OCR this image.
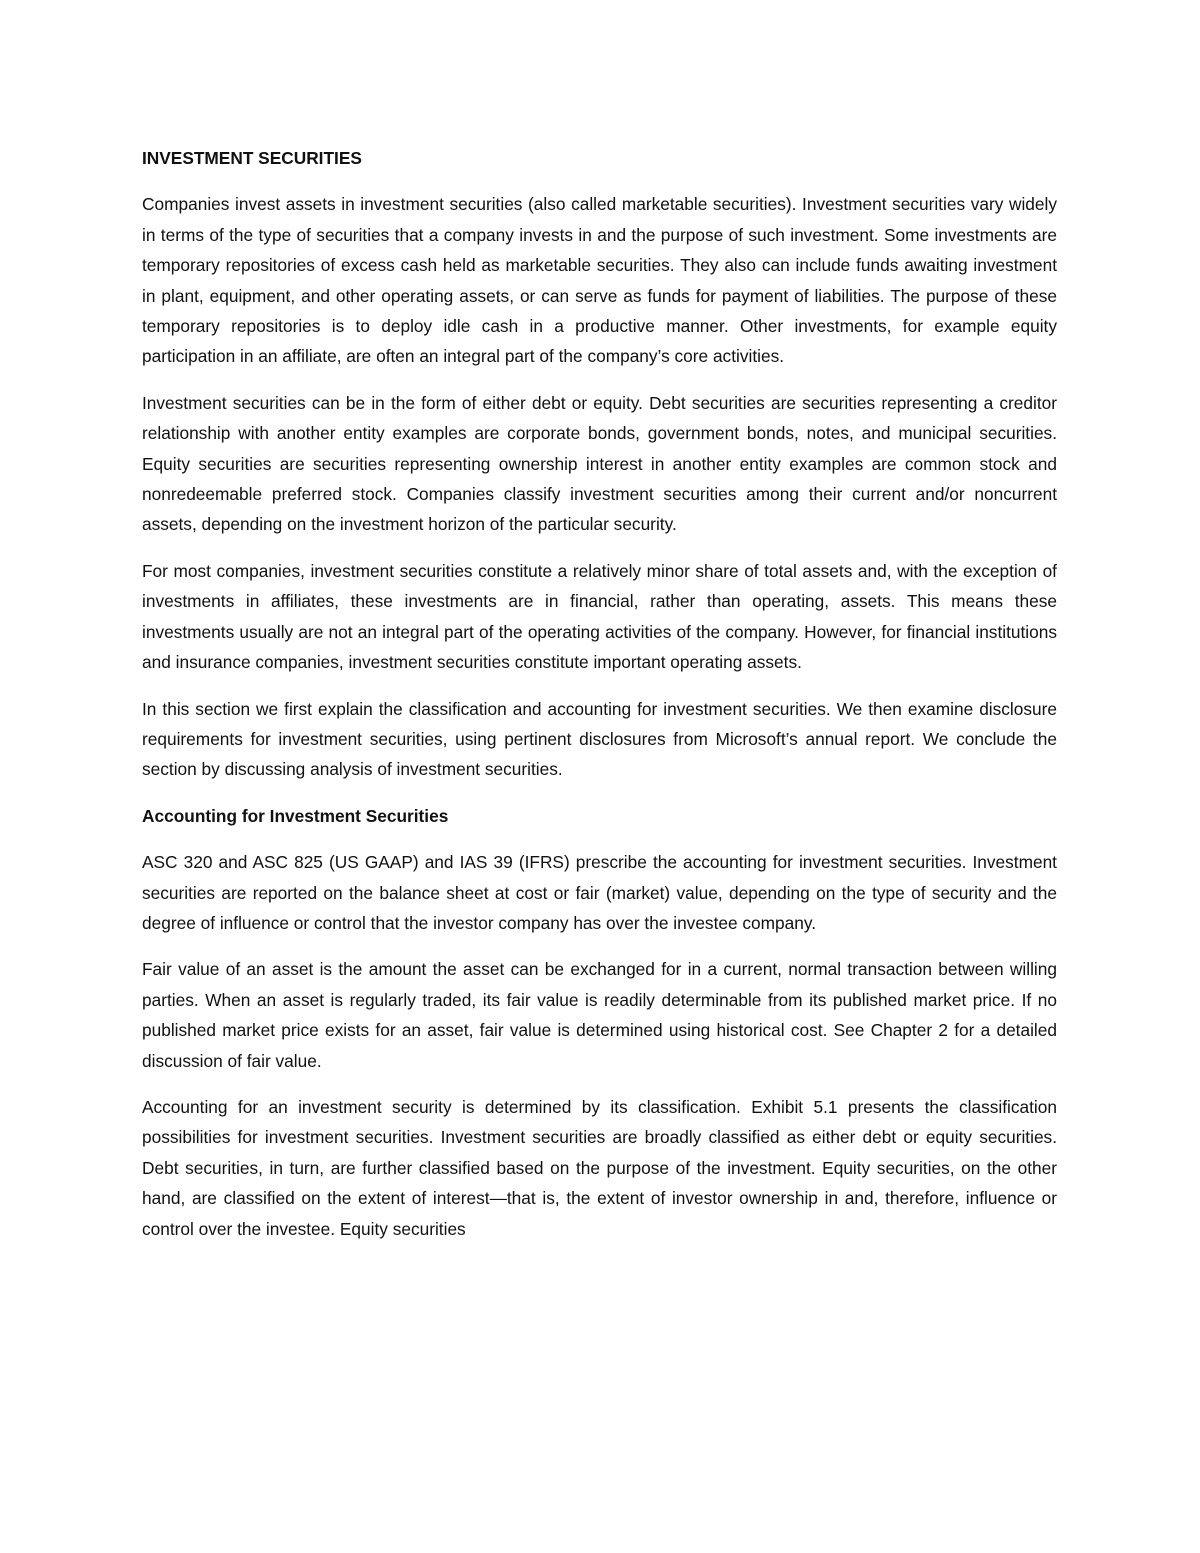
INVESTMENT SECURITIES

Companies invest assets in investment securities (also called marketable securities). Investment securities vary widely in terms of the type of securities that a company invests in and the purpose of such investment. Some investments are temporary repositories of excess cash held as marketable securities. They also can include funds awaiting investment in plant, equipment, and other operating assets, or can serve as funds for payment of liabilities. The purpose of these temporary repositories is to deploy idle cash in a productive manner. Other investments, for example equity participation in an affiliate, are often an integral part of the company’s core activities.

Investment securities can be in the form of either debt or equity. Debt securities are securities representing a creditor relationship with another entity examples are corporate bonds, government bonds, notes, and municipal securities. Equity securities are securities representing ownership interest in another entity examples are common stock and nonredeemable preferred stock. Companies classify investment securities among their current and/or noncurrent assets, depending on the investment horizon of the particular security.

For most companies, investment securities constitute a relatively minor share of total assets and, with the exception of investments in affiliates, these investments are in financial, rather than operating, assets. This means these investments usually are not an integral part of the operating activities of the company. However, for financial institutions and insurance companies, investment securities constitute important operating assets.

In this section we first explain the classification and accounting for investment securities. We then examine disclosure requirements for investment securities, using pertinent disclosures from Microsoft’s annual report. We conclude the section by discussing analysis of investment securities.

Accounting for Investment Securities

ASC 320 and ASC 825 (US GAAP) and IAS 39 (IFRS) prescribe the accounting for investment securities. Investment securities are reported on the balance sheet at cost or fair (market) value, depending on the type of security and the degree of influence or control that the investor company has over the investee company.

Fair value of an asset is the amount the asset can be exchanged for in a current, normal transaction between willing parties. When an asset is regularly traded, its fair value is readily determinable from its published market price. If no published market price exists for an asset, fair value is determined using historical cost. See Chapter 2 for a detailed discussion of fair value.

Accounting for an investment security is determined by its classification. Exhibit 5.1 presents the classification possibilities for investment securities. Investment securities are broadly classified as either debt or equity securities. Debt securities, in turn, are further classified based on the purpose of the investment. Equity securities, on the other hand, are classified on the extent of interest—that is, the extent of investor ownership in and, therefore, influence or control over the investee. Equity securities
